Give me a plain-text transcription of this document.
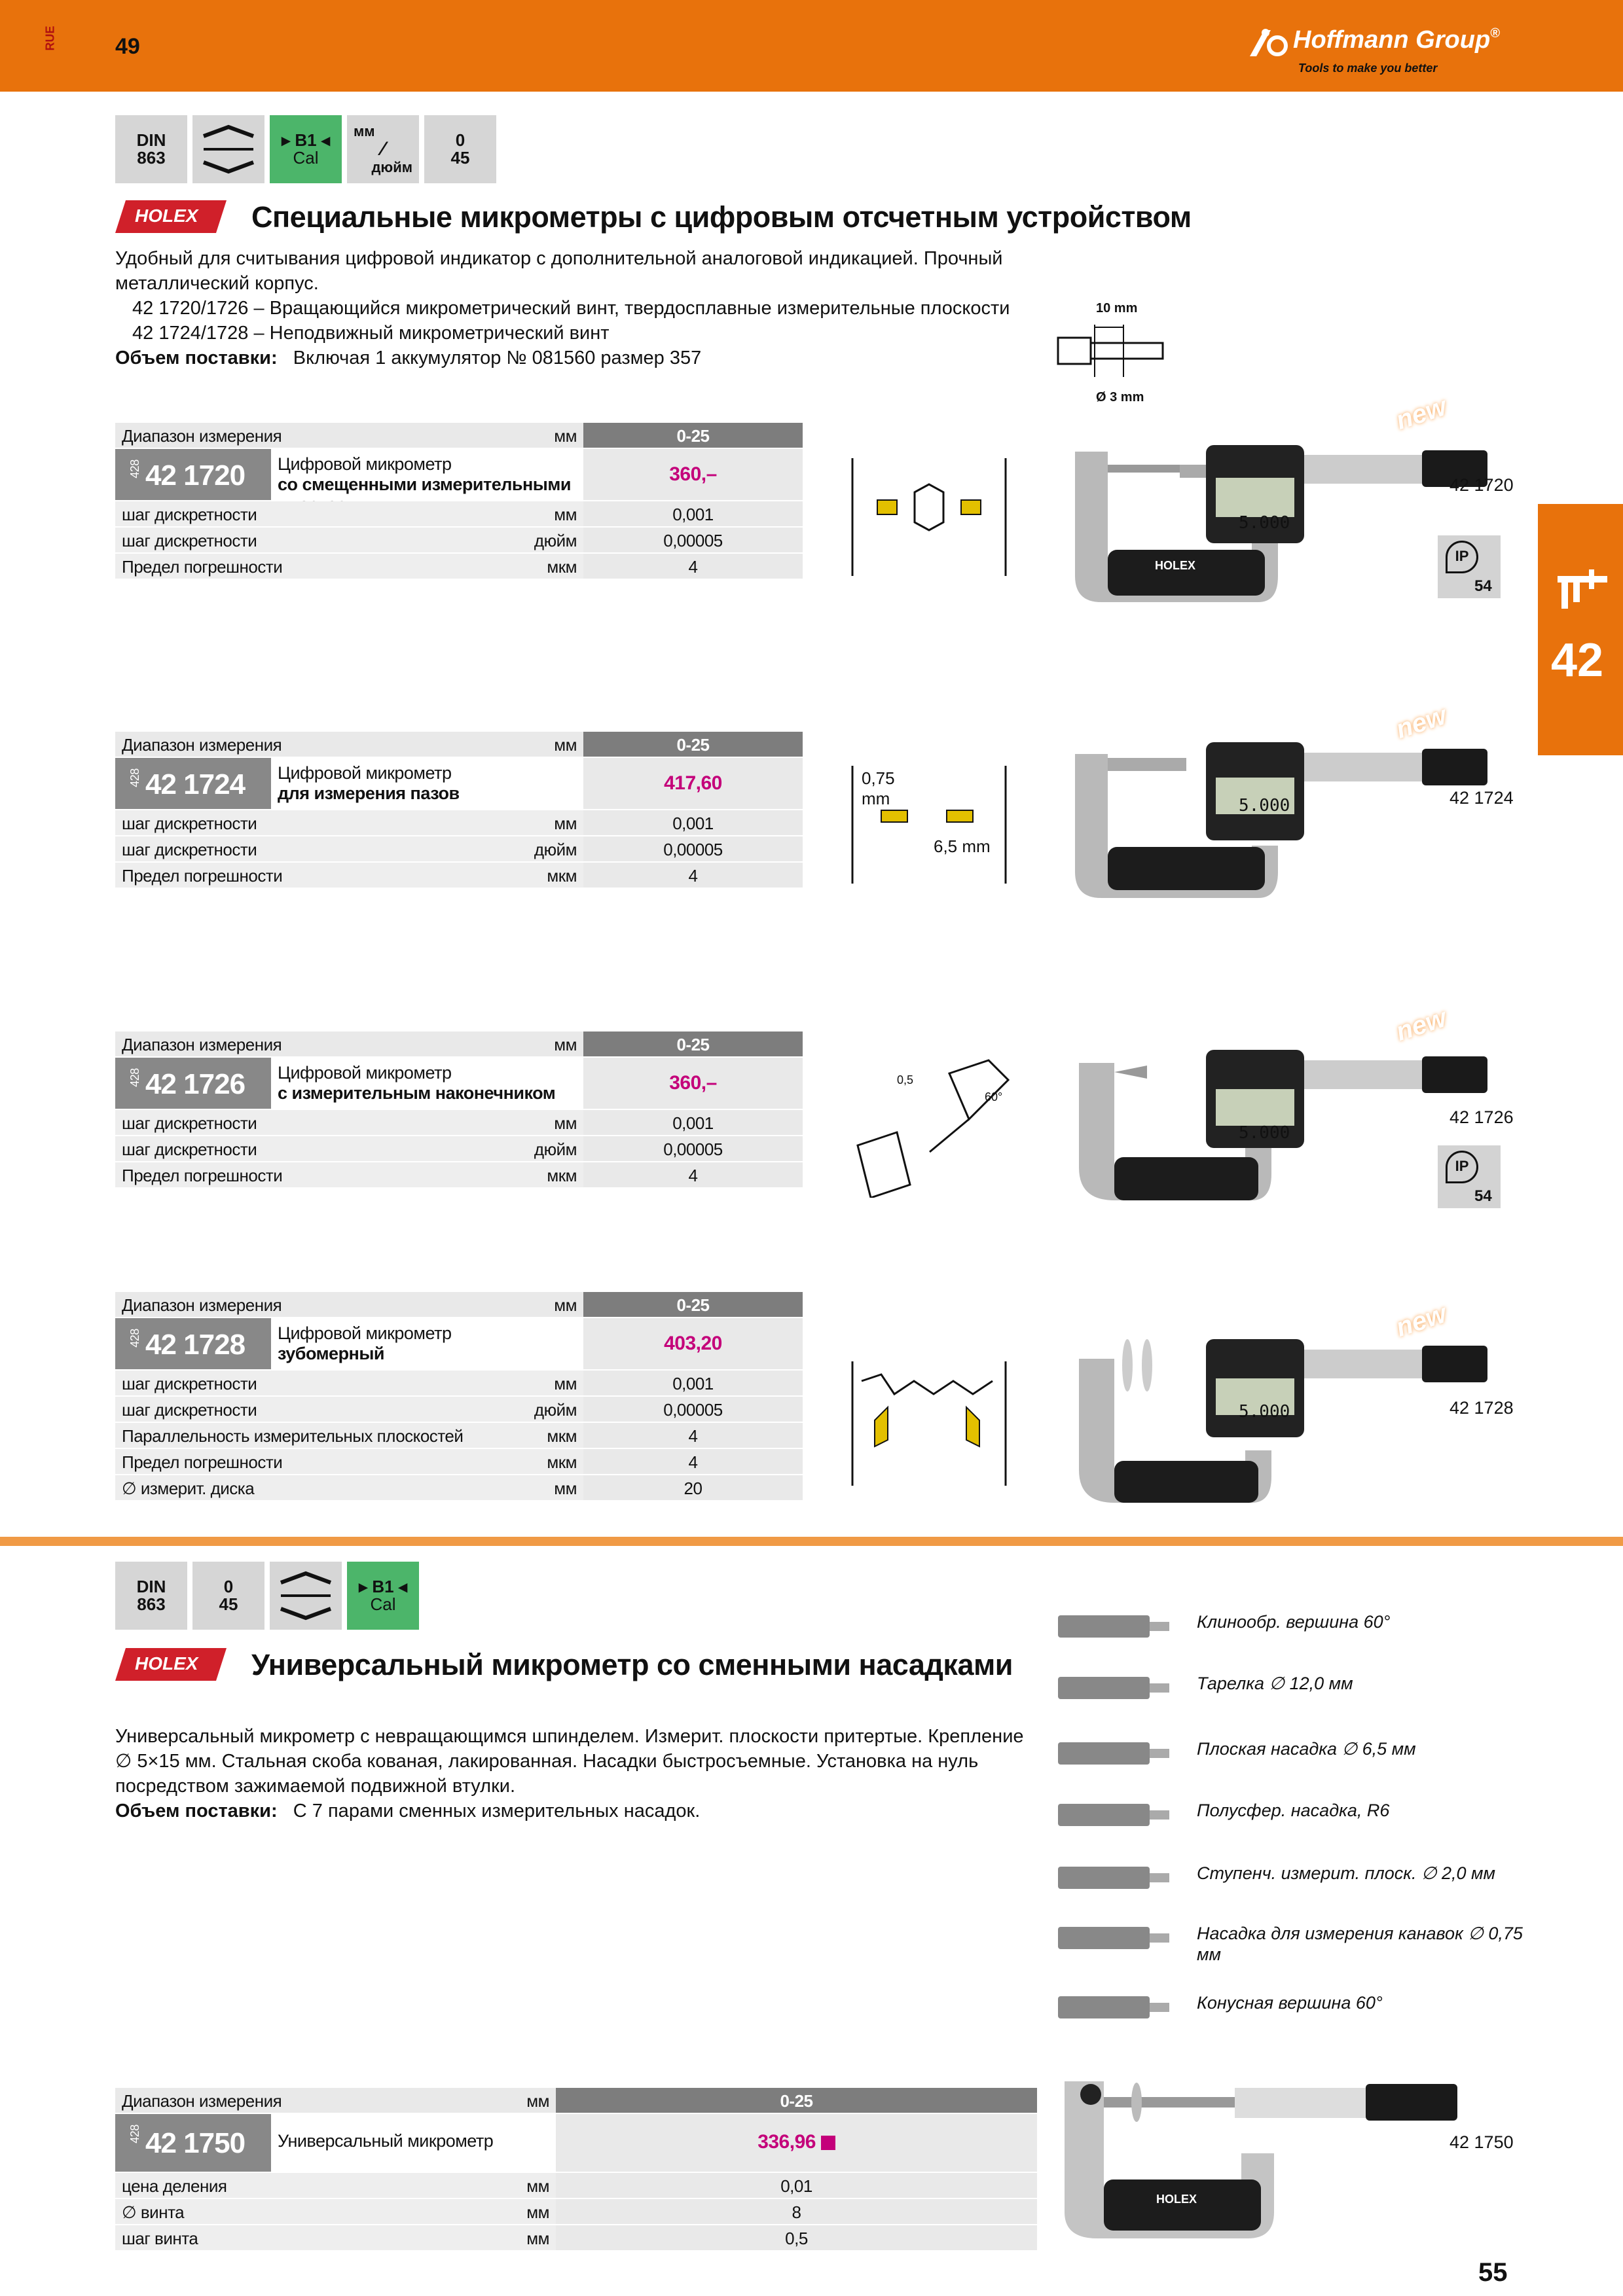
RUE	49	Hoffmann Group®
Tools to make you better
42
DIN
863
▸ B1 ◂
Cal
мм
⁄
дюйм
0
45
HOLEX Специальные микрометры с цифровым отсчетным устройством
Удобный для считывания цифровой индикатор с дополнительной аналоговой индикацией. Прочный
металлический корпус.
42 1720/1726 – Вращающийся микрометрический винт, твердосплавные измерительные плоскости
42 1724/1728 – Неподвижный микрометрический винт
Объем поставки: Включая 1 аккумулятор № 081560 размер 357
10 mm
Ø 3 mm
Диапазон измерения	мм	0-25
428 42 1720 Цифровой микрометр
со смещенными измерительными	360,–
шаг дискретности	мм	0,001
шаг дискретности	дюйм	0,00005
Предел погрешности	мкм	4
Диапазон измерения	мм	0-25
428 42 1724 Цифровой микрометр
для измерения пазов	417,60
шаг дискретности	мм	0,001
шаг дискретности	дюйм	0,00005
Предел погрешности	мкм	4
Диапазон измерения	мм	0-25
428 42 1726 Цифровой микрометр
с измерительным наконечником	360,–
шаг дискретности	мм	0,001
шаг дискретности	дюйм	0,00005
Предел погрешности	мкм	4
Диапазон измерения	мм	0-25
428 42 1728 Цифровой микрометр
зубомерный	403,20
шаг дискретности	мм	0,001
шаг дискретности	дюйм	0,00005
Параллельность измерительных плоскостей	мкм	4
Предел погрешности	мкм	4
∅ измерит. диска	мм	20
new
5.000
HOLEX
42 1720
IP
54
new
5.000	42 1724
new
5.000
42 1726
IP
54
new
5.000	42 1728
0,75
mm
6,5 mm
0,5
60°
DIN
863
0
45
▸ B1 ◂
Cal
HOLEX Универсальный микрометр со сменными насадками
Универсальный микрометр с невращающимся шпинделем. Измерит. плоскости притертые. Крепление
∅ 5×15 мм. Стальная скоба кованая, лакированная. Насадки быстросъемные. Установка на нуль
посредством зажимаемой подвижной втулки.
Объем поставки: С 7 парами сменных измерительных насадок.
Клинообр. вершина 60°
Тарелка ∅ 12,0 мм
Плоская насадка ∅ 6,5 мм
Полусфер. насадка, R6
Ступенч. измерит. плоск. ∅ 2,0 мм
Насадка для измерения канавок ∅ 0,75 мм
Конусная вершина 60°
Диапазон измерения	мм	0-25
428 42 1750 Универсальный микрометр	336,96
цена деления	мм	0,01
∅ винта	мм	8
шаг винта	мм	0,5
HOLEX
42 1750
55
